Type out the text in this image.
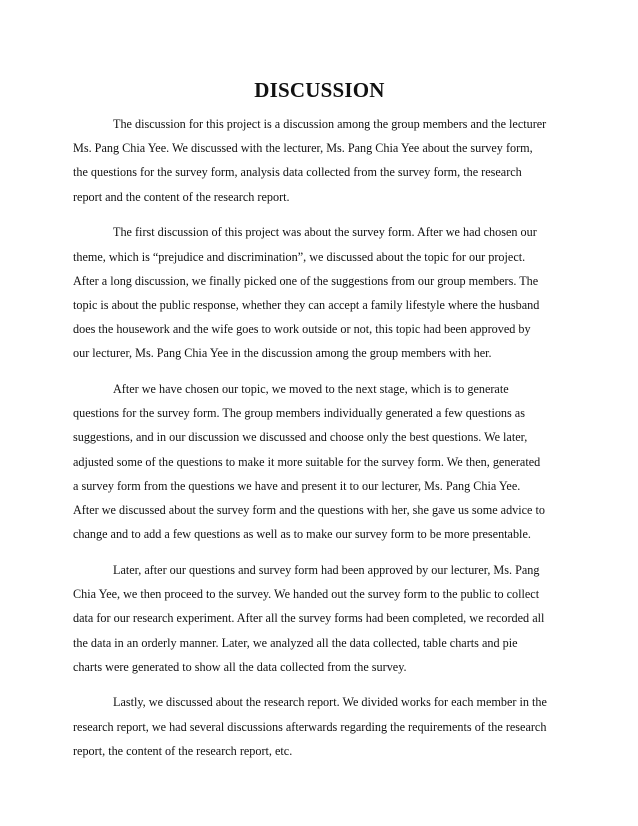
DISCUSSION

The discussion for this project is a discussion among the group members and the lecturer
Ms. Pang Chia Yee. We discussed with the lecturer, Ms. Pang Chia Yee about the survey form,
the questions for the survey form, analysis data collected from the survey form, the research
report and the content of the research report.

The first discussion of this project was about the survey form. After we had chosen our
theme, which is “prejudice and discrimination”, we discussed about the topic for our project.
After a long discussion, we finally picked one of the suggestions from our group members. The
topic is about the public response, whether they can accept a family lifestyle where the husband
does the housework and the wife goes to work outside or not, this topic had been approved by
our lecturer, Ms. Pang Chia Yee in the discussion among the group members with her.

After we have chosen our topic, we moved to the next stage, which is to generate
questions for the survey form. The group members individually generated a few questions as
suggestions, and in our discussion we discussed and choose only the best questions. We later,
adjusted some of the questions to make it more suitable for the survey form. We then, generated
a survey form from the questions we have and present it to our lecturer, Ms. Pang Chia Yee.
After we discussed about the survey form and the questions with her, she gave us some advice to
change and to add a few questions as well as to make our survey form to be more presentable.

Later, after our questions and survey form had been approved by our lecturer, Ms. Pang
Chia Yee, we then proceed to the survey. We handed out the survey form to the public to collect
data for our research experiment. After all the survey forms had been completed, we recorded all
the data in an orderly manner. Later, we analyzed all the data collected, table charts and pie
charts were generated to show all the data collected from the survey.

Lastly, we discussed about the research report. We divided works for each member in the
research report, we had several discussions afterwards regarding the requirements of the research
report, the content of the research report, etc.
